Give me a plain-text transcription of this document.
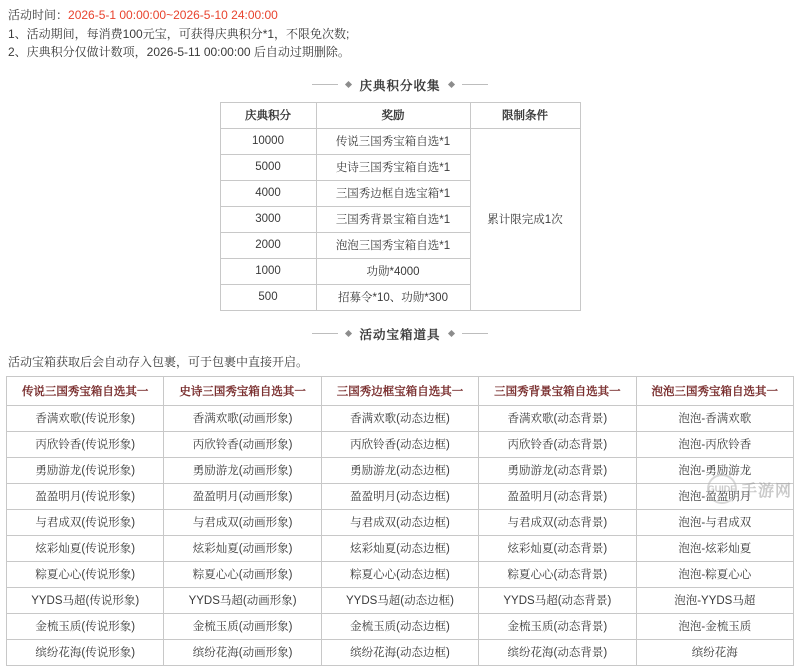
活动时间：2026-5-1 00:00:00~2026-5-10 24:00:00
1、活动期间，每消费100元宝，可获得庆典积分*1，不限免次数;
2、庆典积分仅做计数项，2026-5-11 00:00:00 后自动过期删除。
庆典积分收集
庆典积分	奖励	限制条件
10000	传说三国秀宝箱自选*1	累计限完成1次
5000	史诗三国秀宝箱自选*1	
4000	三国秀边框自选宝箱*1	
3000	三国秀背景宝箱自选*1	
2000	泡泡三国秀宝箱自选*1	
1000	功勋*4000	
500	招募令*10、功勋*300	
活动宝箱道具
活动宝箱获取后会自动存入包裹，可于包裹中直接开启。
传说三国秀宝箱自选其一	史诗三国秀宝箱自选其一	三国秀边框宝箱自选其一	三国秀背景宝箱自选其一	泡泡三国秀宝箱自选其一
香满欢歌(传说形象)	香满欢歌(动画形象)	香满欢歌(动态边框)	香满欢歌(动态背景)	泡泡-香满欢歌
丙欣铃香(传说形象)	丙欣铃香(动画形象)	丙欣铃香(动态边框)	丙欣铃香(动态背景)	泡泡-丙欣铃香
勇励游龙(传说形象)	勇励游龙(动画形象)	勇励游龙(动态边框)	勇励游龙(动态背景)	泡泡-勇励游龙
盈盈明月(传说形象)	盈盈明月(动画形象)	盈盈明月(动态边框)	盈盈明月(动态背景)	泡泡-盈盈明月
与君成双(传说形象)	与君成双(动画形象)	与君成双(动态边框)	与君成双(动态背景)	泡泡-与君成双
炫彩灿夏(传说形象)	炫彩灿夏(动画形象)	炫彩灿夏(动态边框)	炫彩灿夏(动态背景)	泡泡-炫彩灿夏
粽夏心心(传说形象)	粽夏心心(动画形象)	粽夏心心(动态边框)	粽夏心心(动态背景)	泡泡-粽夏心心
YYDS马超(传说形象)	YYDS马超(动画形象)	YYDS马超(动态边框)	YYDS马超(动态背景)	泡泡-YYDS马超
金梳玉质(传说形象)	金梳玉质(动画形象)	金梳玉质(动态边框)	金梳玉质(动态背景)	泡泡-金梳玉质
缤纷花海(传说形象)	缤纷花海(动画形象)	缤纷花海(动态边框)	缤纷花海(动态背景)	缤纷花海
GUIDE 手游网
